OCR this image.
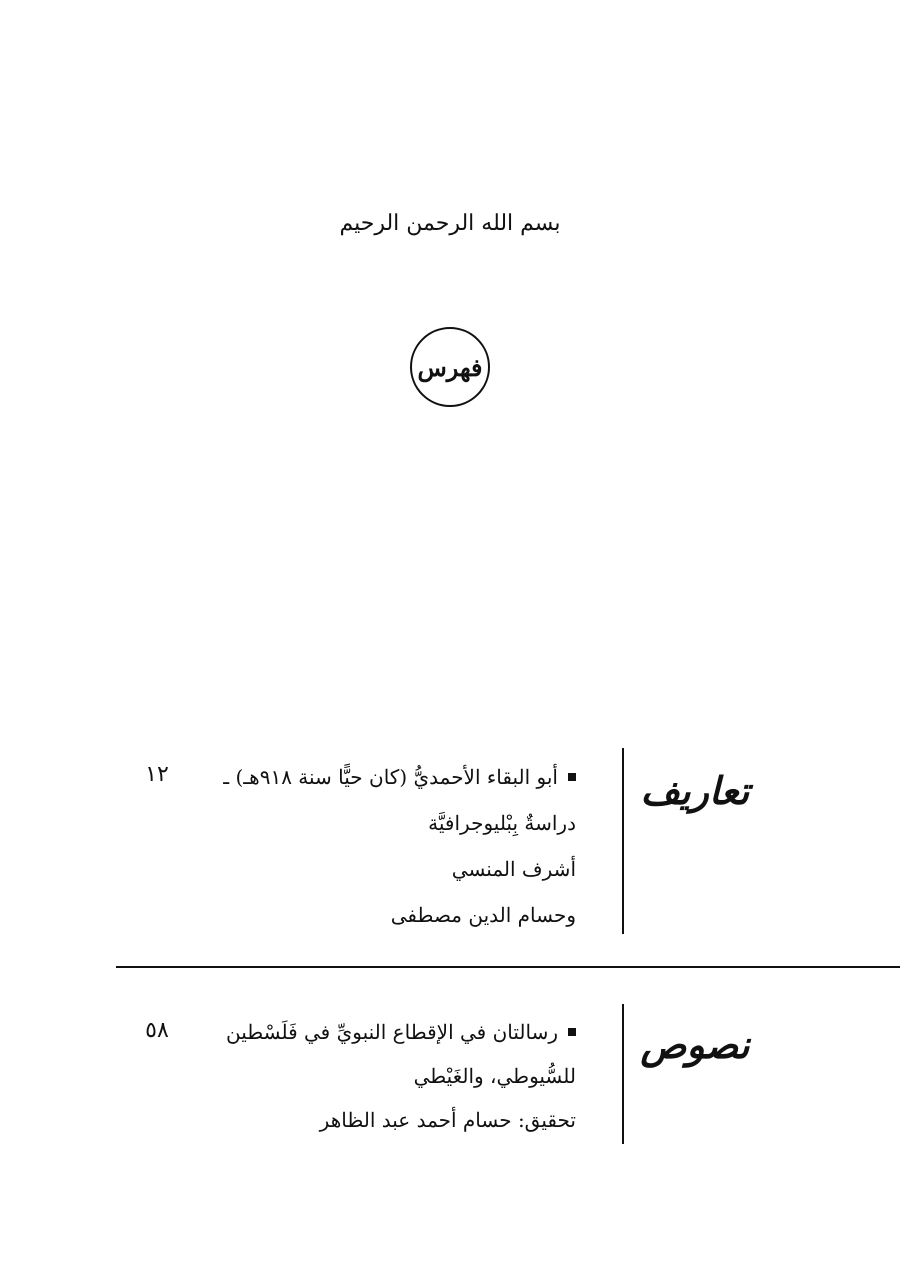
بسم الله الرحمن الرحيم
فهرس
تعاريف
أبو البقاء الأحمديُّ (كان حيًّا سنة ٩١٨هـ) ـ
دراسةٌ بِبْليوجرافيَّة
أشرف المنسي
وحسام الدين مصطفى
١٢
نصوص
رسالتان في الإقطاع النبويِّ في فَلَسْطين
للسُّيوطي، والغَيْطي
تحقيق: حسام أحمد عبد الظاهر
٥٨
